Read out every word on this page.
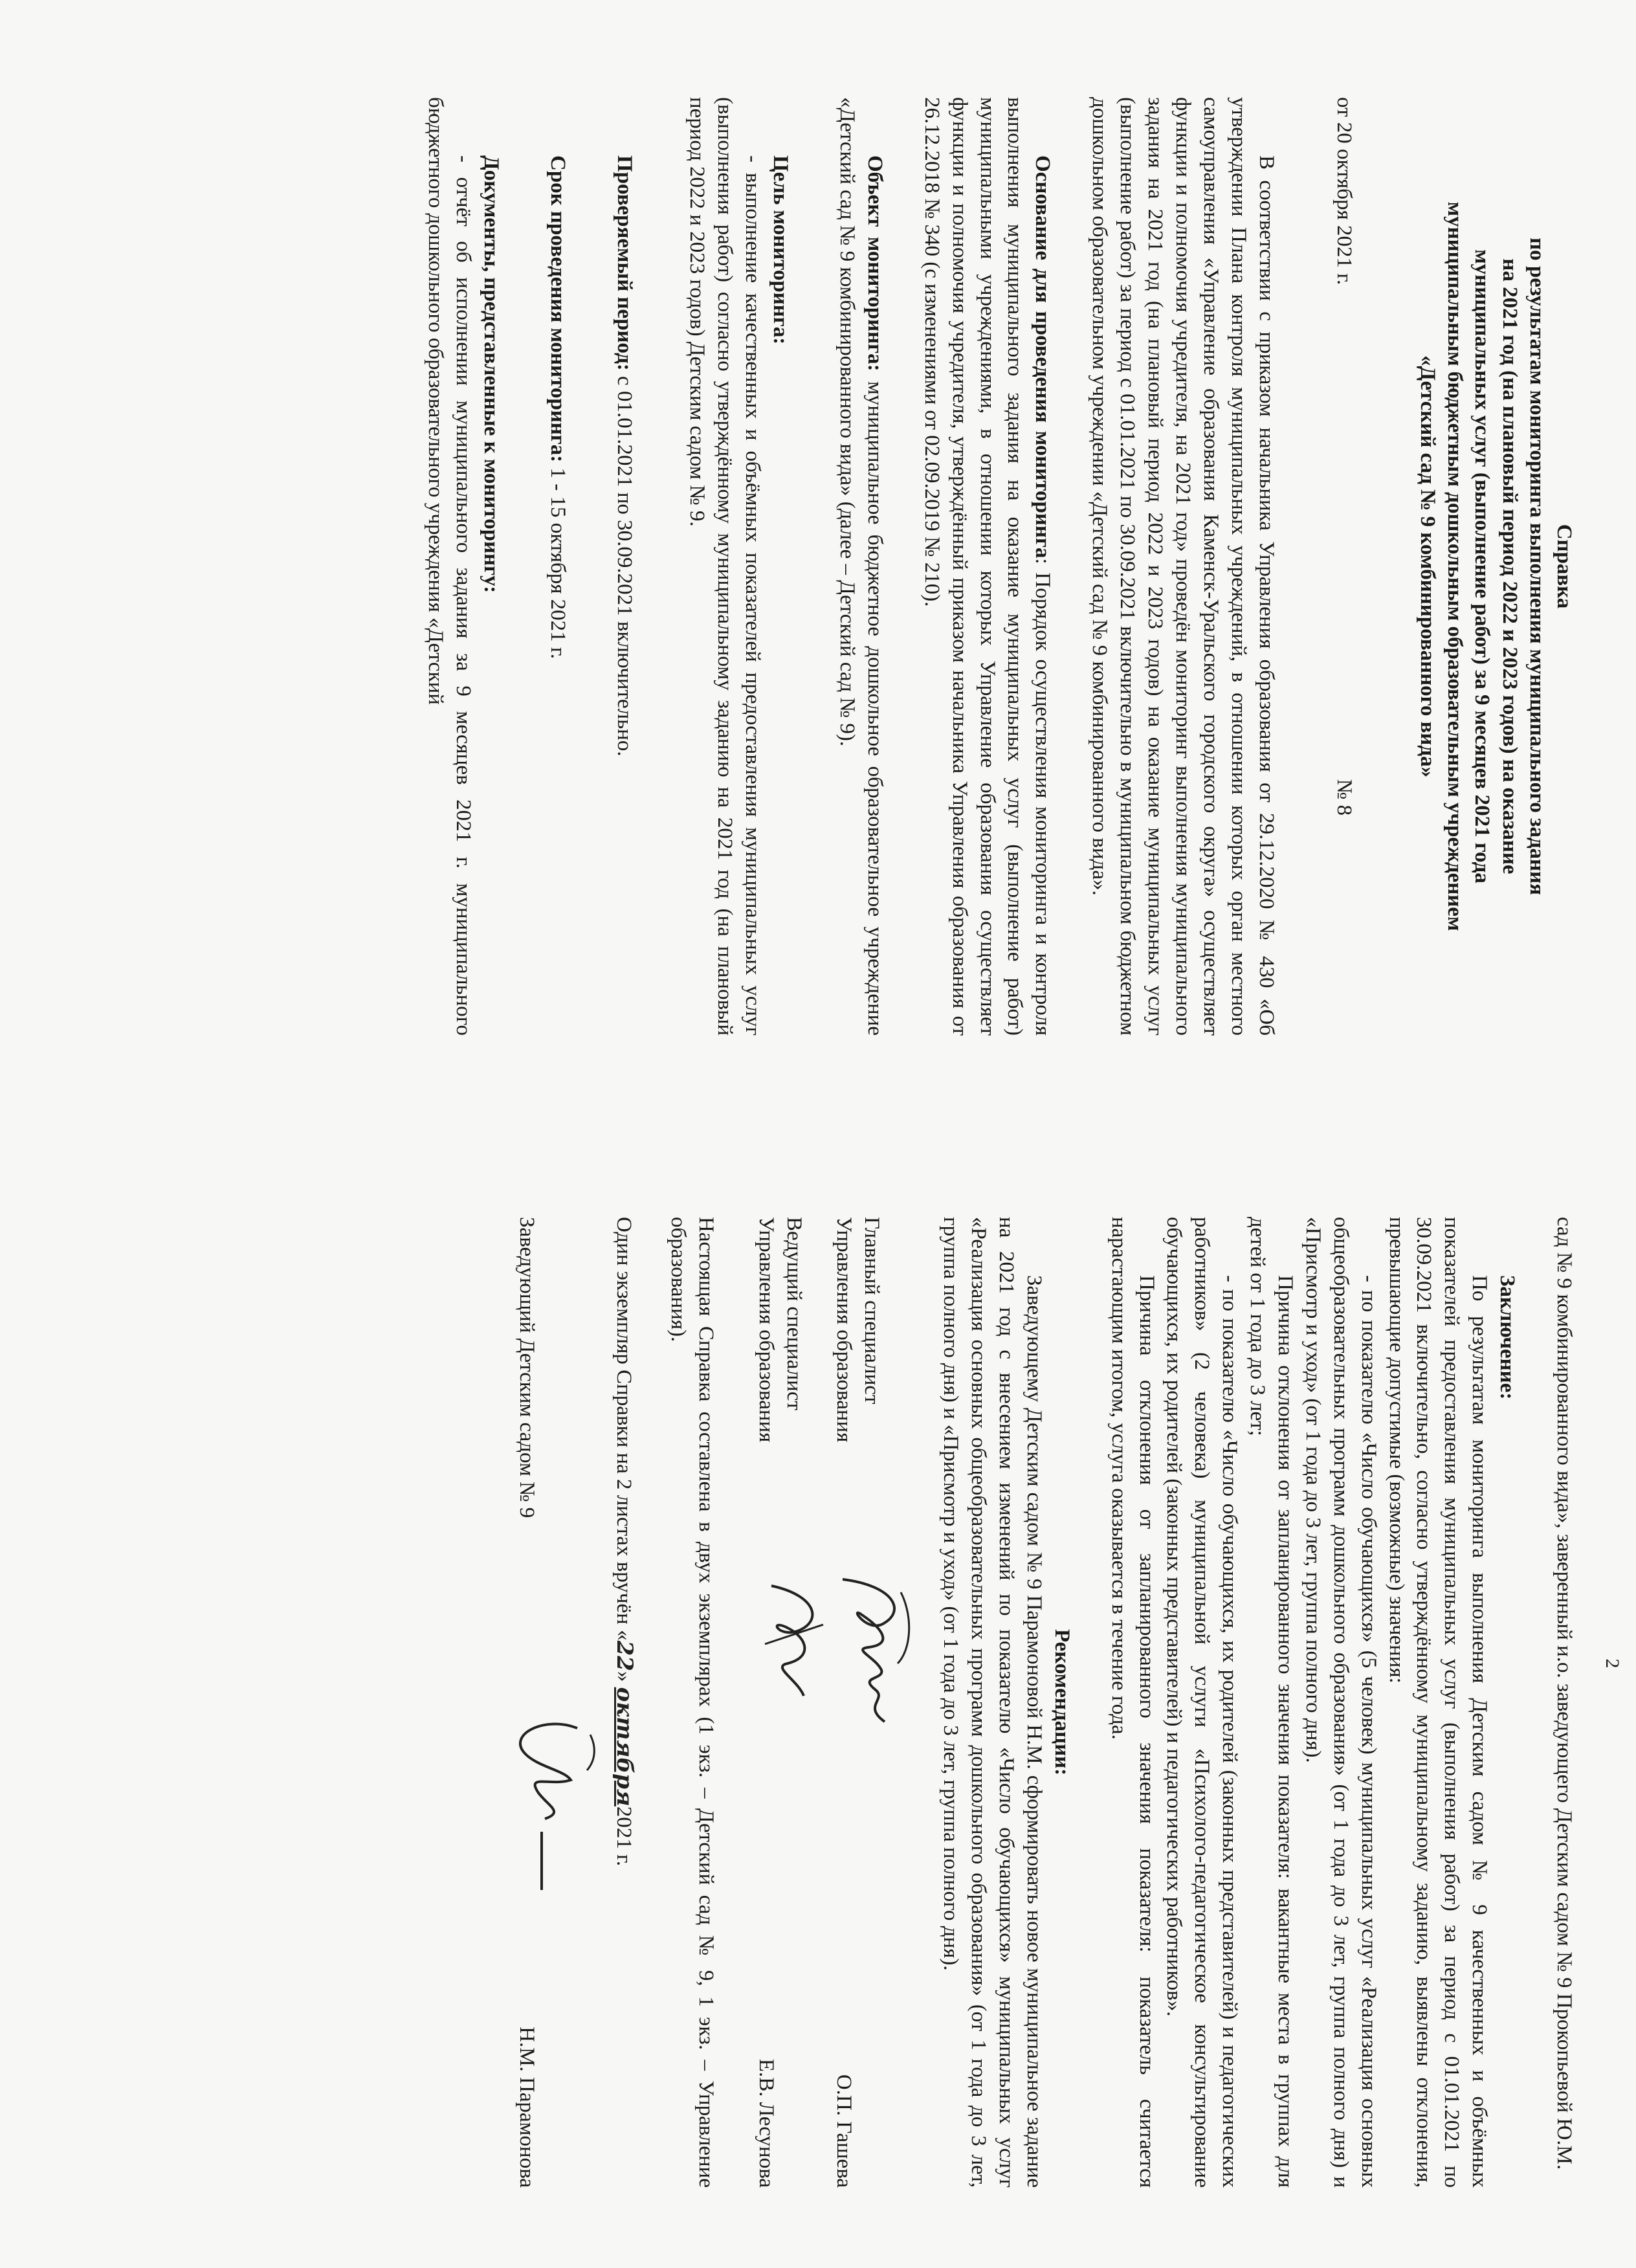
Справка
по результатам мониторинга выполнения муниципального задания
на 2021 год (на плановый период 2022 и 2023 годов) на оказание
муниципальных услуг (выполнение работ) за 9 месяцев 2021 года
муниципальным бюджетным дошкольным образовательным учреждением
«Детский сад № 9 комбинированного вида»
от 20 октября 2021 г.
№ 8

В соответствии с приказом начальника Управления образования от 29.12.2020 № 430 «Об утверждении Плана контроля муниципальных учреждений, в отношении которых орган местного самоуправления «Управление образования Каменск-Уральского городского округа» осуществляет функции и полномочия учредителя, на 2021 год» проведён мониторинг выполнения муниципального задания на 2021 год (на плановый период 2022 и 2023 годов) на оказание муниципальных услуг (выполнение работ) за период с 01.01.2021 по 30.09.2021 включительно в муниципальном бюджетном дошкольном образовательном учреждении «Детский сад № 9 комбинированного вида».

Основание для проведения мониторинга: Порядок осуществления мониторинга и контроля выполнения муниципального задания на оказание муниципальных услуг (выполнение работ) муниципальными учреждениями, в отношении которых Управление образования осуществляет функции и полномочия учредителя, утверждённый приказом начальника Управления образования от 26.12.2018 № 340 (с изменениями от 02.09.2019 № 210).

Объект мониторинга: муниципальное бюджетное дошкольное образовательное учреждение «Детский сад № 9 комбинированного вида» (далее – Детский сад № 9).

Цель мониторинга:

- выполнение качественных и объёмных показателей предоставления муниципальных услуг (выполнения работ) согласно утверждённому муниципальному заданию на 2021 год (на плановый период 2022 и 2023 годов) Детским садом № 9.

Проверяемый период: с 01.01.2021 по 30.09.2021 включительно.

Срок проведения мониторинга: 1 - 15 октября 2021 г.

Документы, представленные к мониторингу:

- отчёт об исполнении муниципального задания за 9 месяцев 2021 г. муниципального бюджетного дошкольного образовательного учреждения «Детский

2

сад № 9 комбинированного вида», заверенный и.о. заведующего Детским садом № 9 Прокопьевой Ю.М.

Заключение:

По результатам мониторинга выполнения Детским садом № 9 качественных и объёмных показателей предоставления муниципальных услуг (выполнения работ) за период с 01.01.2021 по 30.09.2021 включительно, согласно утверждённому муниципальному заданию, выявлены отклонения, превышающие допустимые (возможные) значения:

- по показателю «Число обучающихся» (5 человек) муниципальных услуг «Реализация основных общеобразовательных программ дошкольного образования» (от 1 года до 3 лет, группа полного дня) и «Присмотр и уход» (от 1 года до 3 лет, группа полного дня).

Причина отклонения от запланированного значения показателя: вакантные места в группах для детей от 1 года до 3 лет;

- по показателю «Число обучающихся, их родителей (законных представителей) и педагогических работников» (2 человека) муниципальной услуги «Психолого-педагогическое консультирование обучающихся, их родителей (законных представителей) и педагогических работников».

Причина отклонения от запланированного значения показателя: показатель считается нарастающим итогом, услуга оказывается в течение года.

Рекомендации:

Заведующему Детским садом № 9 Парамоновой Н.М. сформировать новое муниципальное задание на 2021 год с внесением изменений по показателю «Число обучающихся» муниципальных услуг «Реализация основных общеобразовательных программ дошкольного образования» (от 1 года до 3 лет, группа полного дня) и «Присмотр и уход» (от 1 года до 3 лет, группа полного дня).

Главный специалист
Управления образования
О.П. Гашева
Ведущий специалист
Управления образования
Е.В. Лесунова

Настоящая Справка составлена в двух экземплярах (1 экз. – Детский сад № 9, 1 экз. – Управление образования).

Один экземпляр Справки на 2 листах вручён «22» октября2021 г.

Заведующий Детским садом № 9
Н.М. Парамонова
